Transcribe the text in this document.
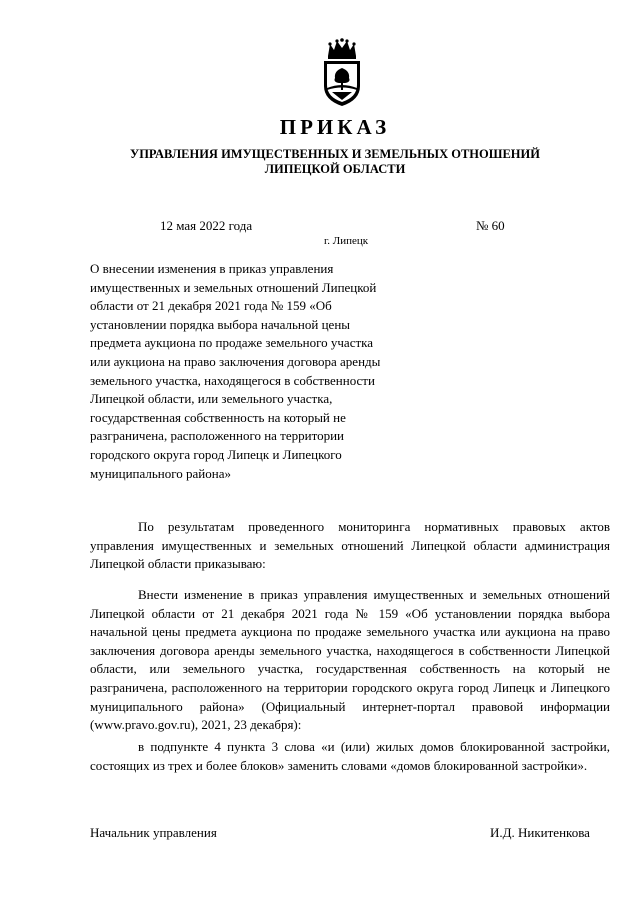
ПРИКАЗ
УПРАВЛЕНИЯ ИМУЩЕСТВЕННЫХ И ЗЕМЕЛЬНЫХ ОТНОШЕНИЙ
ЛИПЕЦКОЙ ОБЛАСТИ
12 мая 2022 года	№ 60
г. Липецк
О внесении изменения в приказ управления имущественных и земельных отношений Липецкой области от 21 декабря 2021 года № 159 «Об установлении порядка выбора начальной цены предмета аукциона по продаже земельного участка или аукциона на право заключения договора аренды земельного участка, находящегося в собственности Липецкой области, или земельного участка, государственная собственность на который не разграничена, расположенного на территории городского округа город Липецк и Липецкого муниципального района»
По результатам проведенного мониторинга нормативных правовых актов управления имущественных и земельных отношений Липецкой области администрация Липецкой области приказываю:
Внести изменение в приказ управления имущественных и земельных отношений Липецкой области от 21 декабря 2021 года № 159 «Об установлении порядка выбора начальной цены предмета аукциона по продаже земельного участка или аукциона на право заключения договора аренды земельного участка, находящегося в собственности Липецкой области, или земельного участка, государственная собственность на который не разграничена, расположенного на территории городского округа город Липецк и Липецкого муниципального района» (Официальный интернет-портал правовой информации (www.pravo.gov.ru), 2021, 23 декабря):
в подпункте 4 пункта 3 слова «и (или) жилых домов блокированной застройки, состоящих из трех и более блоков» заменить словами «домов блокированной застройки».
Начальник управления	И.Д. Никитенкова
